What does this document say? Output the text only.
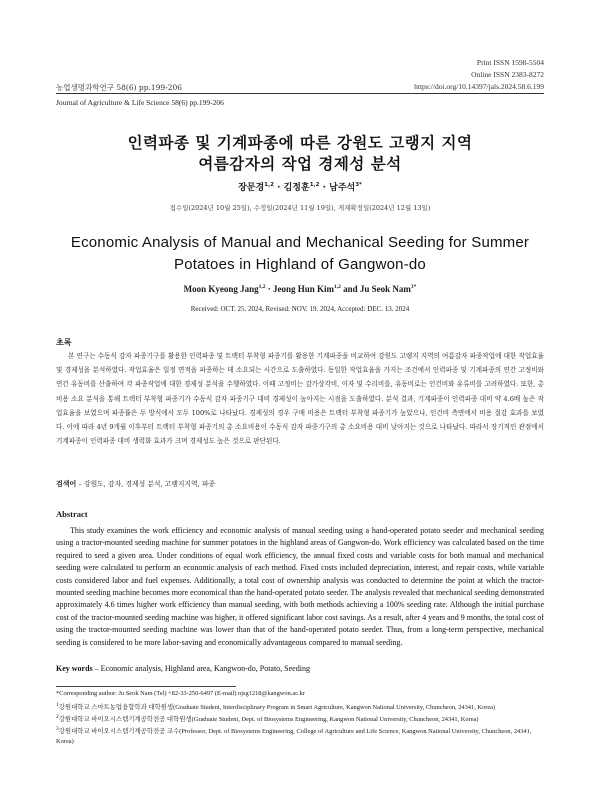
Print ISSN 1598-5504
Online ISSN 2383-8272
농업생명과학연구 58(6) pp.199-206	https://doi.org/10.14397/jals.2024.58.6.199
Journal of Agriculture & Life Science 58(6) pp.199-206
인력파종 및 기계파종에 따른 강원도 고랭지 지역
여름감자의 작업 경제성 분석
장문경$^{1,2}$ · 김정훈$^{1,2}$ · 남주석$^{3*}$
접수일(2024년 10월 25일), 수정일(2024년 11월 19일), 게재확정일(2024년 12월 13일)
Economic Analysis of Manual and Mechanical Seeding for Summer
Potatoes in Highland of Gangwon-do
Moon Kyeong Jang$^{1,2}$ · Jeong Hun Kim$^{1,2}$ and Ju Seok Nam$^{3*}$
Received: OCT. 25. 2024, Revised: NOV. 19. 2024, Accepted: DEC. 13. 2024
초록

본 연구는 수동식 감자 파종기구를 활용한 인력파종 및 트랙터 부착형 파종기를 활용한 기계파종을 비교하여 강원도 고랭지 지역의 여름감자 파종작업에 대한 작업효율 및 경제성을 분석하였다. 작업효율은 일정 면적을 파종하는 데 소요되는 시간으로 도출하였다. 동일한 작업효율을 가지는 조건에서 인력파종 및 기계파종의 연간 고정비와 연간 유동비를 산출하여 각 파종작업에 대한 경제성 분석을 수행하였다. 이때 고정비는 감가상각비, 이자 및 수리비를, 유동비로는 인건비와 유류비를 고려하였다. 또한, 총비용 소요 분석을 통해 트랙터 부착형 파종기가 수동식 감자 파종기구 대비 경제성이 높아지는 시점을 도출하였다. 분석 결과, 기계파종이 인력파종 대비 약 4.6배 높은 작업효율을 보였으며 파종률은 두 방식에서 모두 100%로 나타났다. 경제성의 경우 구매 비용은 트랙터 부착형 파종기가 높았으나, 인건비 측면에서 비용 절감 효과를 보였다. 이에 따라 4년 9개월 이후부터 트랙터 부착형 파종기의 총 소요비용이 수동식 감자 파종기구의 총 소요비용 대비 낮아지는 것으로 나타났다. 따라서 장기적인 관점에서 기계파종이 인력파종 대비 생력화 효과가 크며 경제성도 높은 것으로 판단된다.

검색어 – 강원도, 감자, 경제성 분석, 고랭지지역, 파종
Abstract

This study examines the work efficiency and economic analysis of manual seeding using a hand-operated potato seeder and mechanical seeding using a tractor-mounted seeding machine for summer potatoes in the highland areas of Gangwon-do. Work efficiency was calculated based on the time required to seed a given area. Under conditions of equal work efficiency, the annual fixed costs and variable costs for both manual and mechanical seeding were calculated to perform an economic analysis of each method. Fixed costs included depreciation, interest, and repair costs, while variable costs considered labor and fuel expenses. Additionally, a total cost of ownership analysis was conducted to determine the point at which the tractor-mounted seeding machine becomes more economical than the hand-operated potato seeder. The analysis revealed that mechanical seeding demonstrated approximately 4.6 times higher work efficiency than manual seeding, with both methods achieving a 100% seeding rate. Although the initial purchase cost of the tractor-mounted seeding machine was higher, it offered significant labor cost savings. As a result, after 4 years and 9 months, the total cost of using the tractor-mounted seeding machine was lower than that of the hand-operated potato seeder. Thus, from a long-term perspective, mechanical seeding is considered to be more labor-saving and economically advantageous compared to manual seeding.

Key words – Economic analysis, Highland area, Kangwon-do, Potato, Seeding

*Corresponding author: Ju Seok Nam (Tel) +82-33-250-6497 (E-mail) njsg1218@kangwon.ac.kr

$^1$강원대학교 스마트농업융합학과 대학원생(Graduate Student, Interdisciplinary Program in Smart Agriculture, Kangwon National University, Chuncheon, 24341, Korea)

$^2$강원대학교 바이오시스템기계공학전공 대학원생(Graduate Student, Dept. of Biosystems Engineering, Kangwon National University, Chuncheon, 24341, Korea)

$^3$강원대학교 바이오시스템기계공학전공 교수(Professor, Dept. of Biosystems Engineering, College of Agriculture and Life Science, Kangwon National University, Chuncheon, 24341, Korea)
